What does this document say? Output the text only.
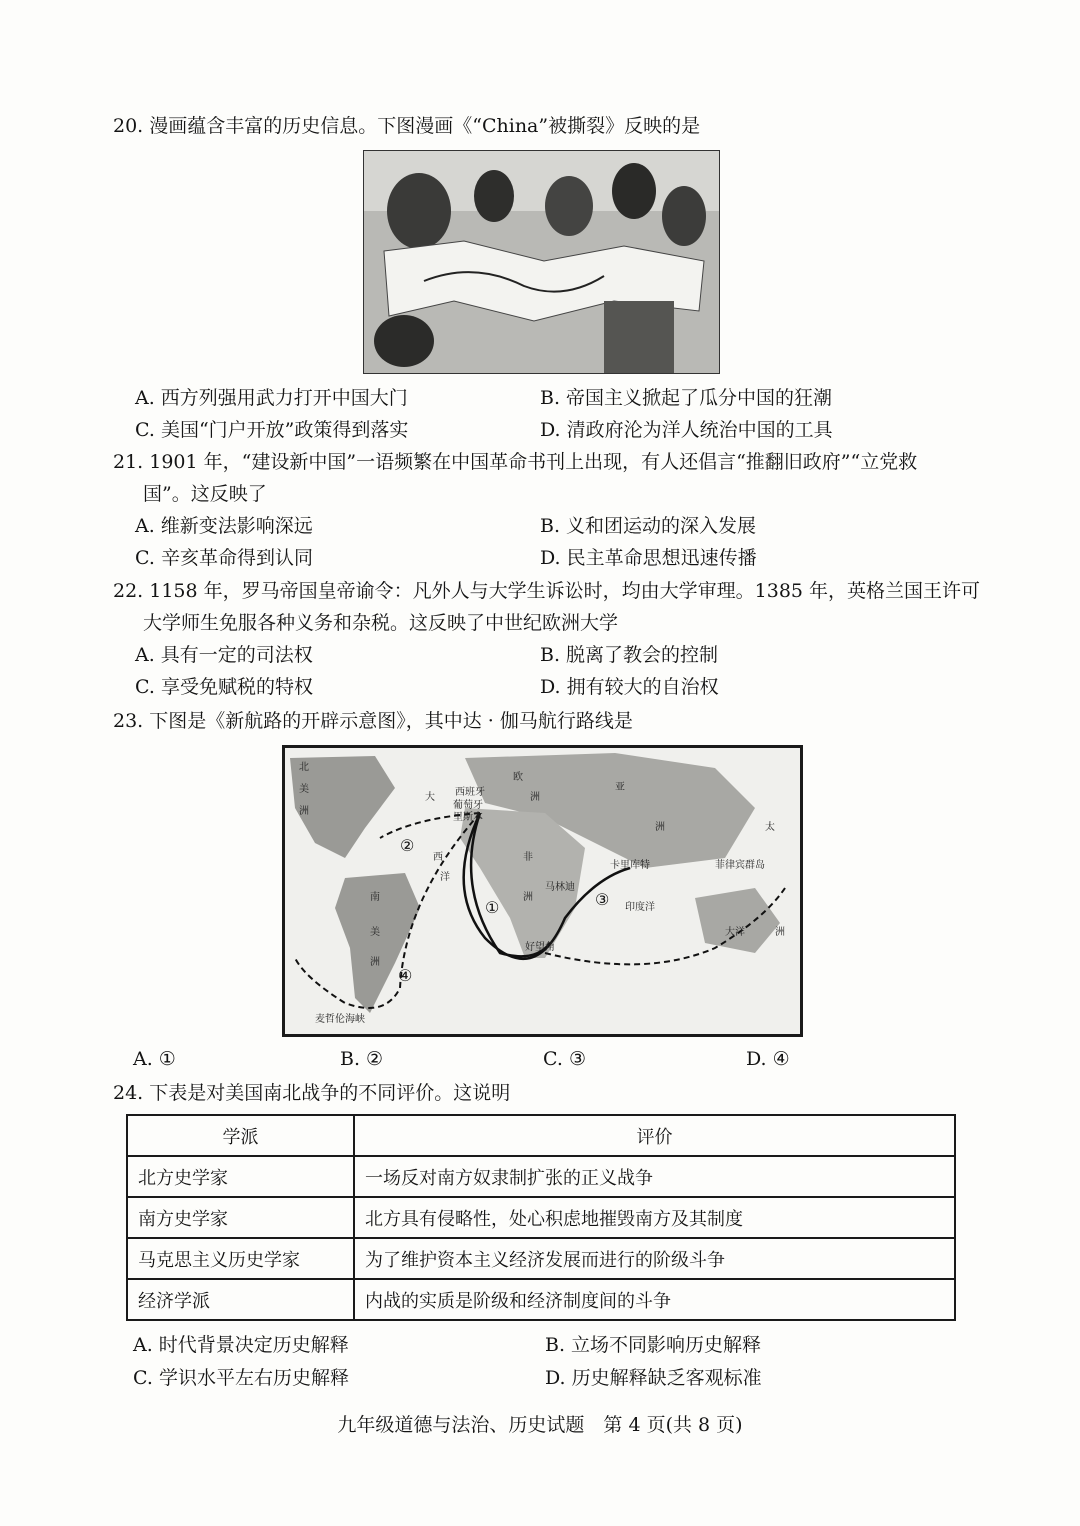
20. 漫画蕴含丰富的历史信息。下图漫画《“China”被撕裂》反映的是
A. 西方列强用武力打开中国大门	B. 帝国主义掀起了瓜分中国的狂潮
C. 美国“门户开放”政策得到落实	D. 清政府沦为洋人统治中国的工具
21. 1901 年，“建设新中国”一语频繁在中国革命书刊上出现，有人还倡言“推翻旧政府”“立党救
国”。这反映了
A. 维新变法影响深远	B. 义和团运动的深入发展
C. 辛亥革命得到认同	D. 民主革命思想迅速传播
22. 1158 年，罗马帝国皇帝谕令：凡外人与大学生诉讼时，均由大学审理。1385 年，英格兰国王许可
大学师生免服各种义务和杂税。这反映了中世纪欧洲大学
A. 具有一定的司法权	B. 脱离了教会的控制
C. 享受免赋税的特权	D. 拥有较大的自治权
23. 下图是《新航路的开辟示意图》，其中达 · 伽马航行路线是
北
美
洲
大
西
洋
南
美
洲
欧
洲
亚
洲
非
洲
西班牙
葡萄牙
里斯本
卡里库特
马林迪
好望角
麦哲伦海峡
菲律宾群岛
印度洋
太
大洋	洲
①
②
③
④
A. ①	B. ②	C. ③	D. ④
24. 下表是对美国南北战争的不同评价。这说明
学派	评价
北方史学家	一场反对南方奴隶制扩张的正义战争
南方史学家	北方具有侵略性，处心积虑地摧毁南方及其制度
马克思主义历史学家	为了维护资本主义经济发展而进行的阶级斗争
经济学派	内战的实质是阶级和经济制度间的斗争
A. 时代背景决定历史解释	B. 立场不同影响历史解释
C. 学识水平左右历史解释	D. 历史解释缺乏客观标准
九年级道德与法治、历史试题　第 4 页(共 8 页)
